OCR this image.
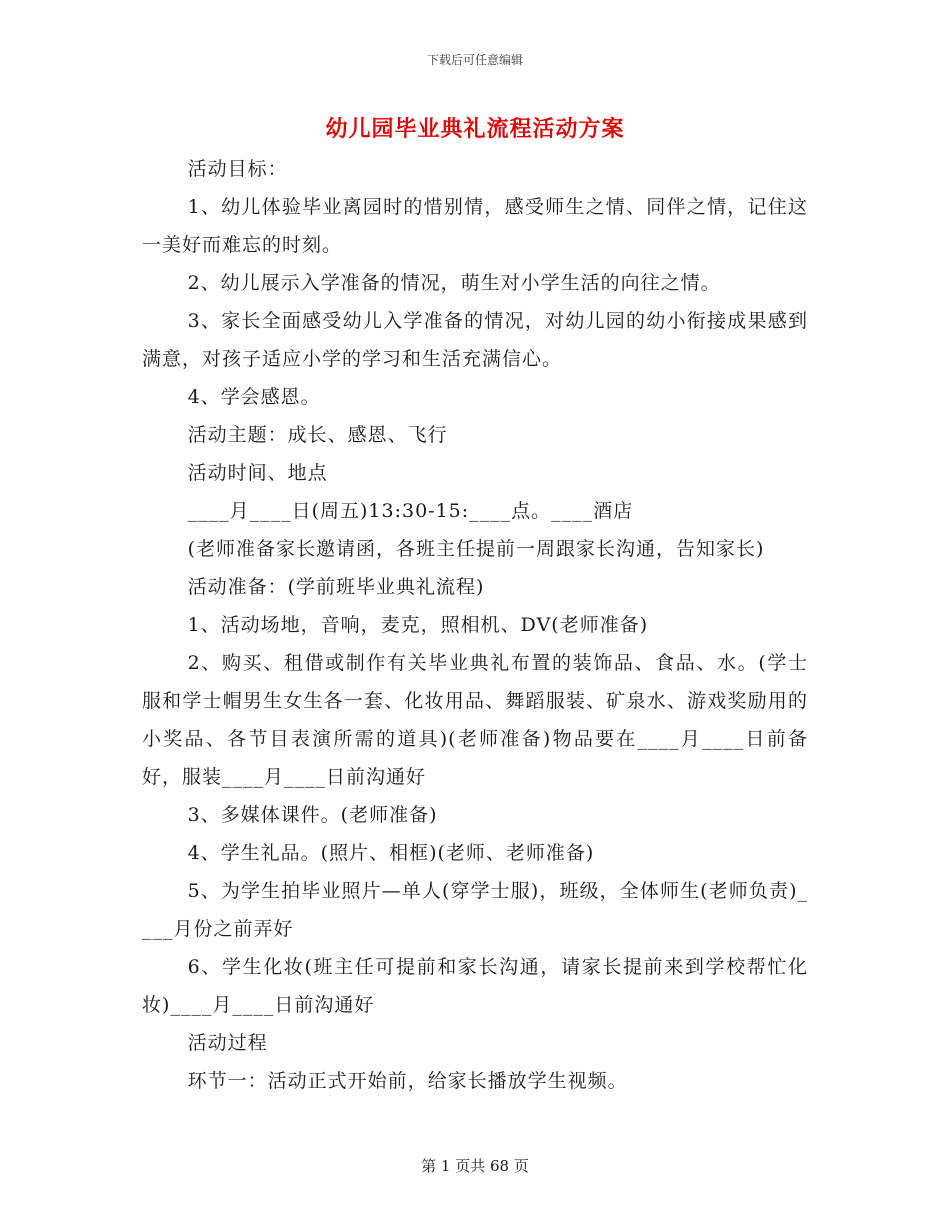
下载后可任意编辑
幼儿园毕业典礼流程活动方案

活动目标：

1、幼儿体验毕业离园时的惜别情，感受师生之情、同伴之情，记住这一美好而难忘的时刻。

2、幼儿展示入学准备的情况，萌生对小学生活的向往之情。

3、家长全面感受幼儿入学准备的情况，对幼儿园的幼小衔接成果感到满意，对孩子适应小学的学习和生活充满信心。

4、学会感恩。

活动主题：成长、感恩、飞行

活动时间、地点

____月____日(周五)13:30-15:____点。____酒店

(老师准备家长邀请函，各班主任提前一周跟家长沟通，告知家长)

活动准备：(学前班毕业典礼流程)

1、活动场地，音响，麦克，照相机、DV(老师准备)

2、购买、租借或制作有关毕业典礼布置的装饰品、食品、水。(学士服和学士帽男生女生各一套、化妆用品、舞蹈服装、矿泉水、游戏奖励用的小奖品、各节目表演所需的道具)(老师准备)物品要在____月____日前备好，服装____月____日前沟通好

3、多媒体课件。(老师准备)

4、学生礼品。(照片、相框)(老师、老师准备)

5、为学生拍毕业照片—单人(穿学士服)，班级，全体师生(老师负责)____月份之前弄好

6、学生化妆(班主任可提前和家长沟通，请家长提前来到学校帮忙化妆)____月____日前沟通好

活动过程

环节一：活动正式开始前，给家长播放学生视频。

第 1 页共 68 页
